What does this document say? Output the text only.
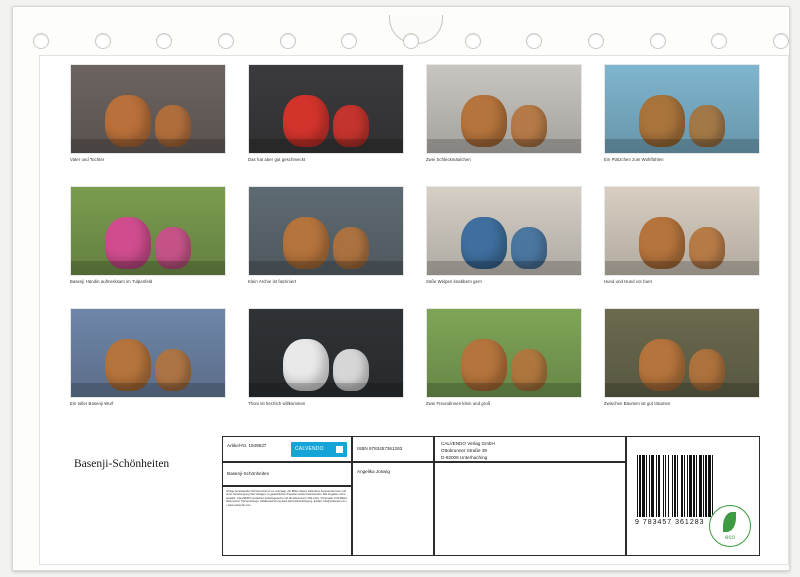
Vater und Tochter	Das hat aber gut geschmeckt	Zwei Schleckmäulchen	Ein Plätzchen zum Wohlfühlen
Basenji Hündin aufmerksam im Tulpenfeld	Klein Archie ist fasziniert	Süße Welpen knabbern gern	Hund und Hund vor bunt
Ein toller Basenji Wurf	Thoni ist herzlich willkommen	Zwei Freundinnen klein und groß	Zwischen Bäumen ist gut träumen
Basenji-Schönheiten
Artikel-Nr. 1949637
CALVENDO
Basenji-Schönheiten
Infolge bereitstender Schutzrechte ist es untersagt, die Bilder dieses Kalenders herauszutrennen und ohne Genehmigung des Verlages zu gewerblichen Zwecken weiterzuverwenden. Alle Angaben ohne Gewähr. CALVENDO produziert bedarfsgerecht und klimabewusst in DE & EU. Printmade CO2-Bilanz dank kurzer Transportwege, Abfallreduzierung dank Einzelstückfertigung. E-Mail: info@calvendo.com • www.calvendo.com
ISBN 9783457361283
Angelika Joswig
CALVENDO Verlag GmbH
Ottobrunner Straße 39
D-82008 Unterhaching
9 783457 361283
eco
